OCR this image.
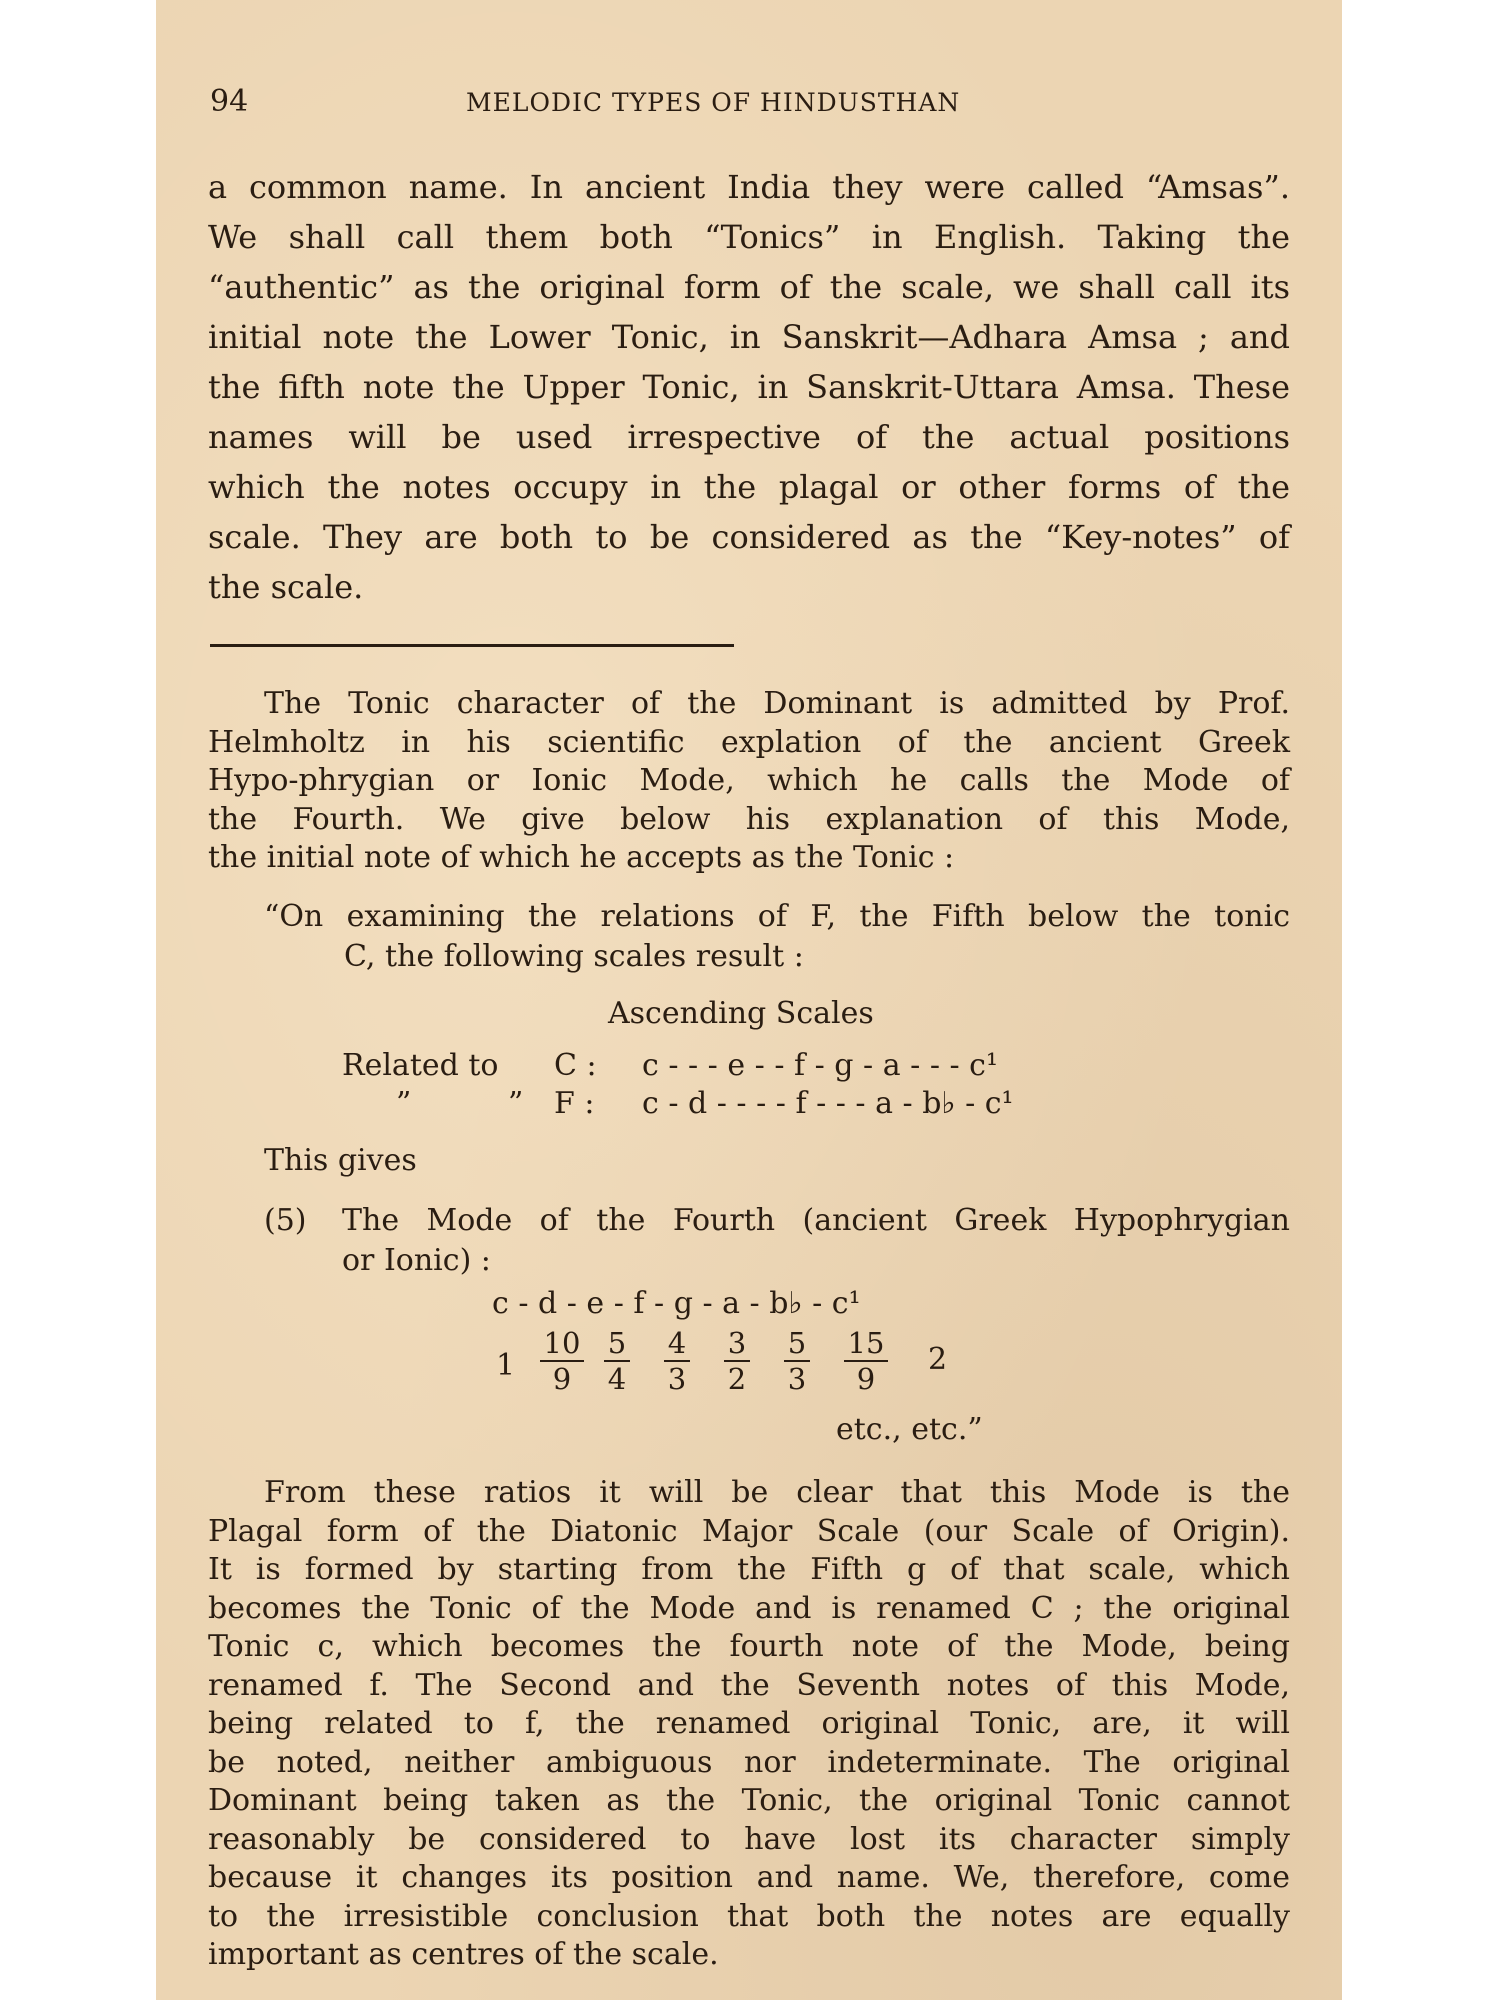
94	MELODIC TYPES OF HINDUSTHAN
a common name. In ancient India they were called “Amsas”.
We shall call them both “Tonics” in English. Taking the
“authentic” as the original form of the scale, we shall call its
initial note the Lower Tonic, in Sanskrit—Adhara Amsa ; and
the fifth note the Upper Tonic, in Sanskrit-Uttara Amsa. These
names will be used irrespective of the actual positions
which the notes occupy in the plagal or other forms of the
scale. They are both to be considered as the “Key-notes” of
the scale.
The Tonic character of the Dominant is admitted by Prof.
Helmholtz in his scientific explation of the ancient Greek
Hypo-phrygian or Ionic Mode, which he calls the Mode of
the Fourth. We give below his explanation of this Mode,
the initial note of which he accepts as the Tonic :
“On examining the relations of F, the Fifth below the tonic
C, the following scales result :
Ascending Scales
Related to C : c - - - e - - f - g - a - - - c¹
”	” F : c - d - - - - f - - - a - b♭ - c¹
This gives
(5) The Mode of the Fourth (ancient Greek Hypophrygian
or Ionic) :
c - d - e - f - g - a - b♭ - c¹
$1 \frac{10}{9} \frac{5}{4} \frac{4}{3} \frac{3}{2} \frac{5}{3} \frac{15}{9} 2$
etc., etc.”
From these ratios it will be clear that this Mode is the
Plagal form of the Diatonic Major Scale (our Scale of Origin).
It is formed by starting from the Fifth g of that scale, which
becomes the Tonic of the Mode and is renamed C ; the original
Tonic c, which becomes the fourth note of the Mode, being
renamed f. The Second and the Seventh notes of this Mode,
being related to f, the renamed original Tonic, are, it will
be noted, neither ambiguous nor indeterminate. The original
Dominant being taken as the Tonic, the original Tonic cannot
reasonably be considered to have lost its character simply
because it changes its position and name. We, therefore, come
to the irresistible conclusion that both the notes are equally
important as centres of the scale.
